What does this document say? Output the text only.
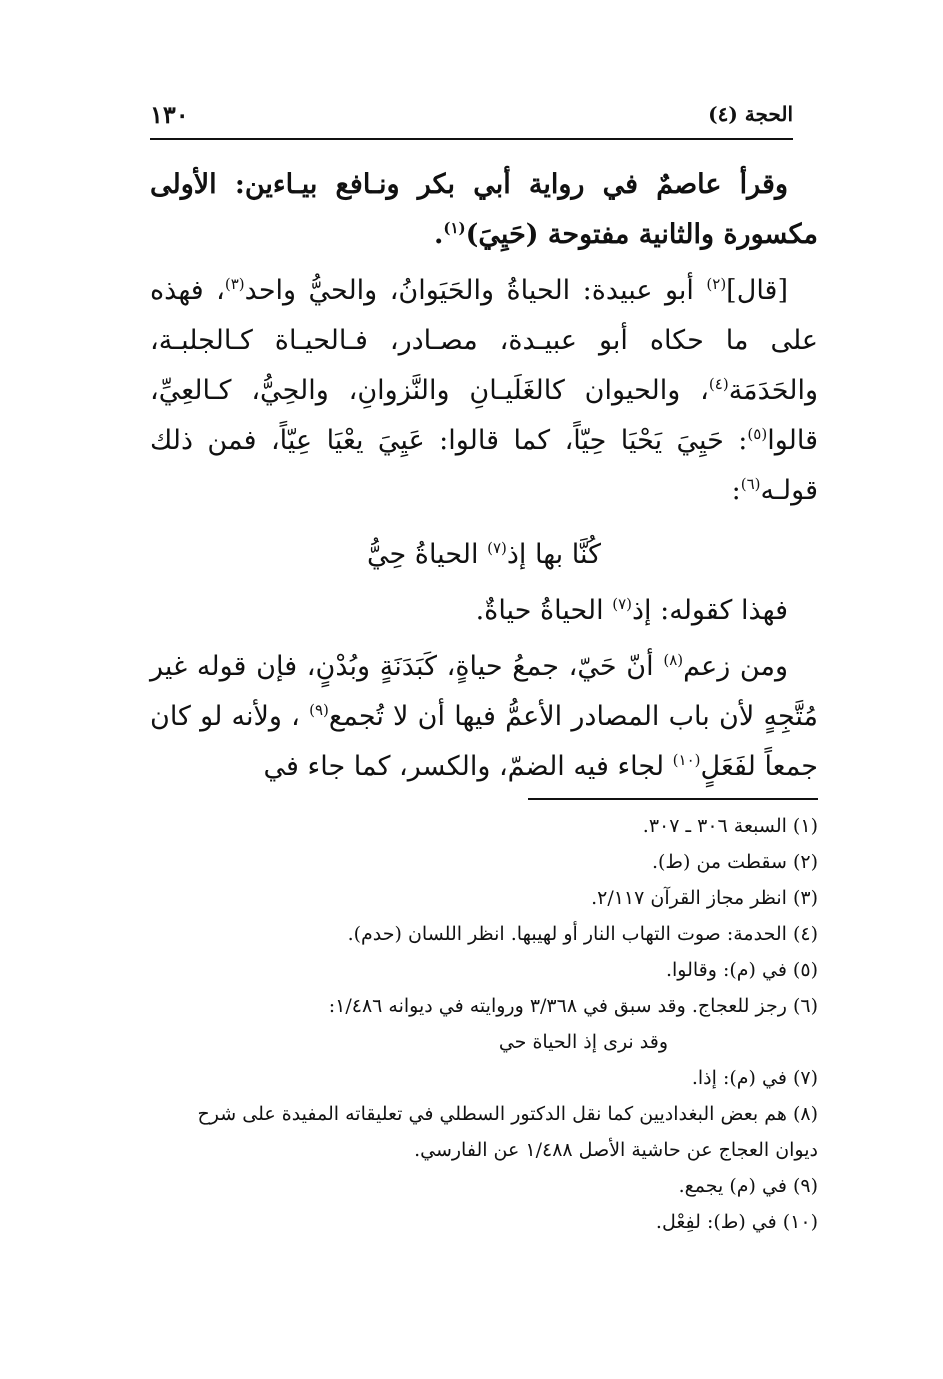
١٣٠	الحجة (٤)

وقرأ عاصمٌ في رواية أبي بكر ونـافع بيـاءين: الأولى مكسورة والثانية مفتوحة (حَيِيَ)$^{(١)}$.

[قال]$^{(٢)}$ أبو عبيدة: الحياةُ والحَيَوانُ، والحيُّ واحد$^{(٣)}$، فهذه على ما حكاه أبو عبيـدة، مصـادر، فـالحيـاة كـالجلبـة، والحَدَمَة$^{(٤)}$، والحيوان كالغَلَيـانِ والنَّزوانِ، والحِيُّ، كـالعِيِّ، قالوا$^{(٥)}$: حَيِيَ يَحْيَا حِيّاً، كما قالوا: عَيِيَ يعْيَا عِيّاً، فمن ذلك قولـه$^{(٦)}$:

كُنَّا بها إذ$^{(٧)}$ الحياةُ حِيُّ

فهذا كقوله: إذ$^{(٧)}$ الحياةُ حياةٌ.

ومن زعم$^{(٨)}$ أنّ حَيّ، جمعُ حياةٍ، كَبَدَنَةٍ وبُدْنٍ، فإن قوله غير مُتَّجِهٍ لأن باب المصادر الأعمُّ فيها أن لا تُجمع$^{(٩)}$ ، ولأنه لو كان جمعاً لفَعَلٍ$^{(١٠)}$ لجاء فيه الضمّ، والكسر، كما جاء في

(١) السبعة ٣٠٦ ـ ٣٠٧.

(٢) سقطت من (ط).

(٣) انظر مجاز القرآن ٢/١١٧.

(٤) الحدمة: صوت التهاب النار أو لهيبها. انظر اللسان (حدم).

(٥) في (م): وقالوا.

(٦) رجز للعجاج. وقد سبق في ٣/٣٦٨ وروايته في ديوانه ١/٤٨٦:

وقد نرى إذ الحياة حي

(٧) في (م): إذا.

(٨) هم بعض البغداديين كما نقل الدكتور السطلي في تعليقاته المفيدة على شرح ديوان العجاج عن حاشية الأصل ١/٤٨٨ عن الفارسي.

(٩) في (م) يجمع.

(١٠) في (ط): لفِعْل.
